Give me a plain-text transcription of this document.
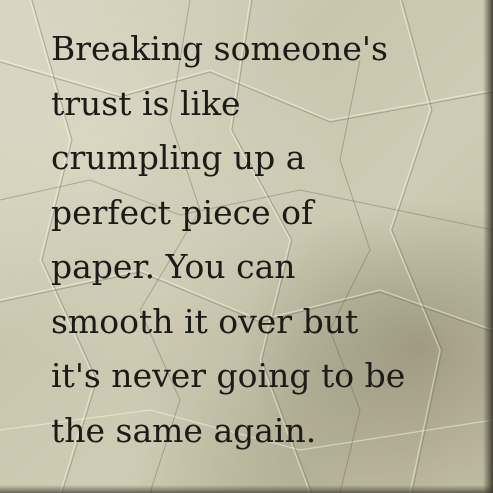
Breaking someone's
trust is like
crumpling up a
perfect piece of
paper. You can
smooth it over but
it's never going to be
the same again.
